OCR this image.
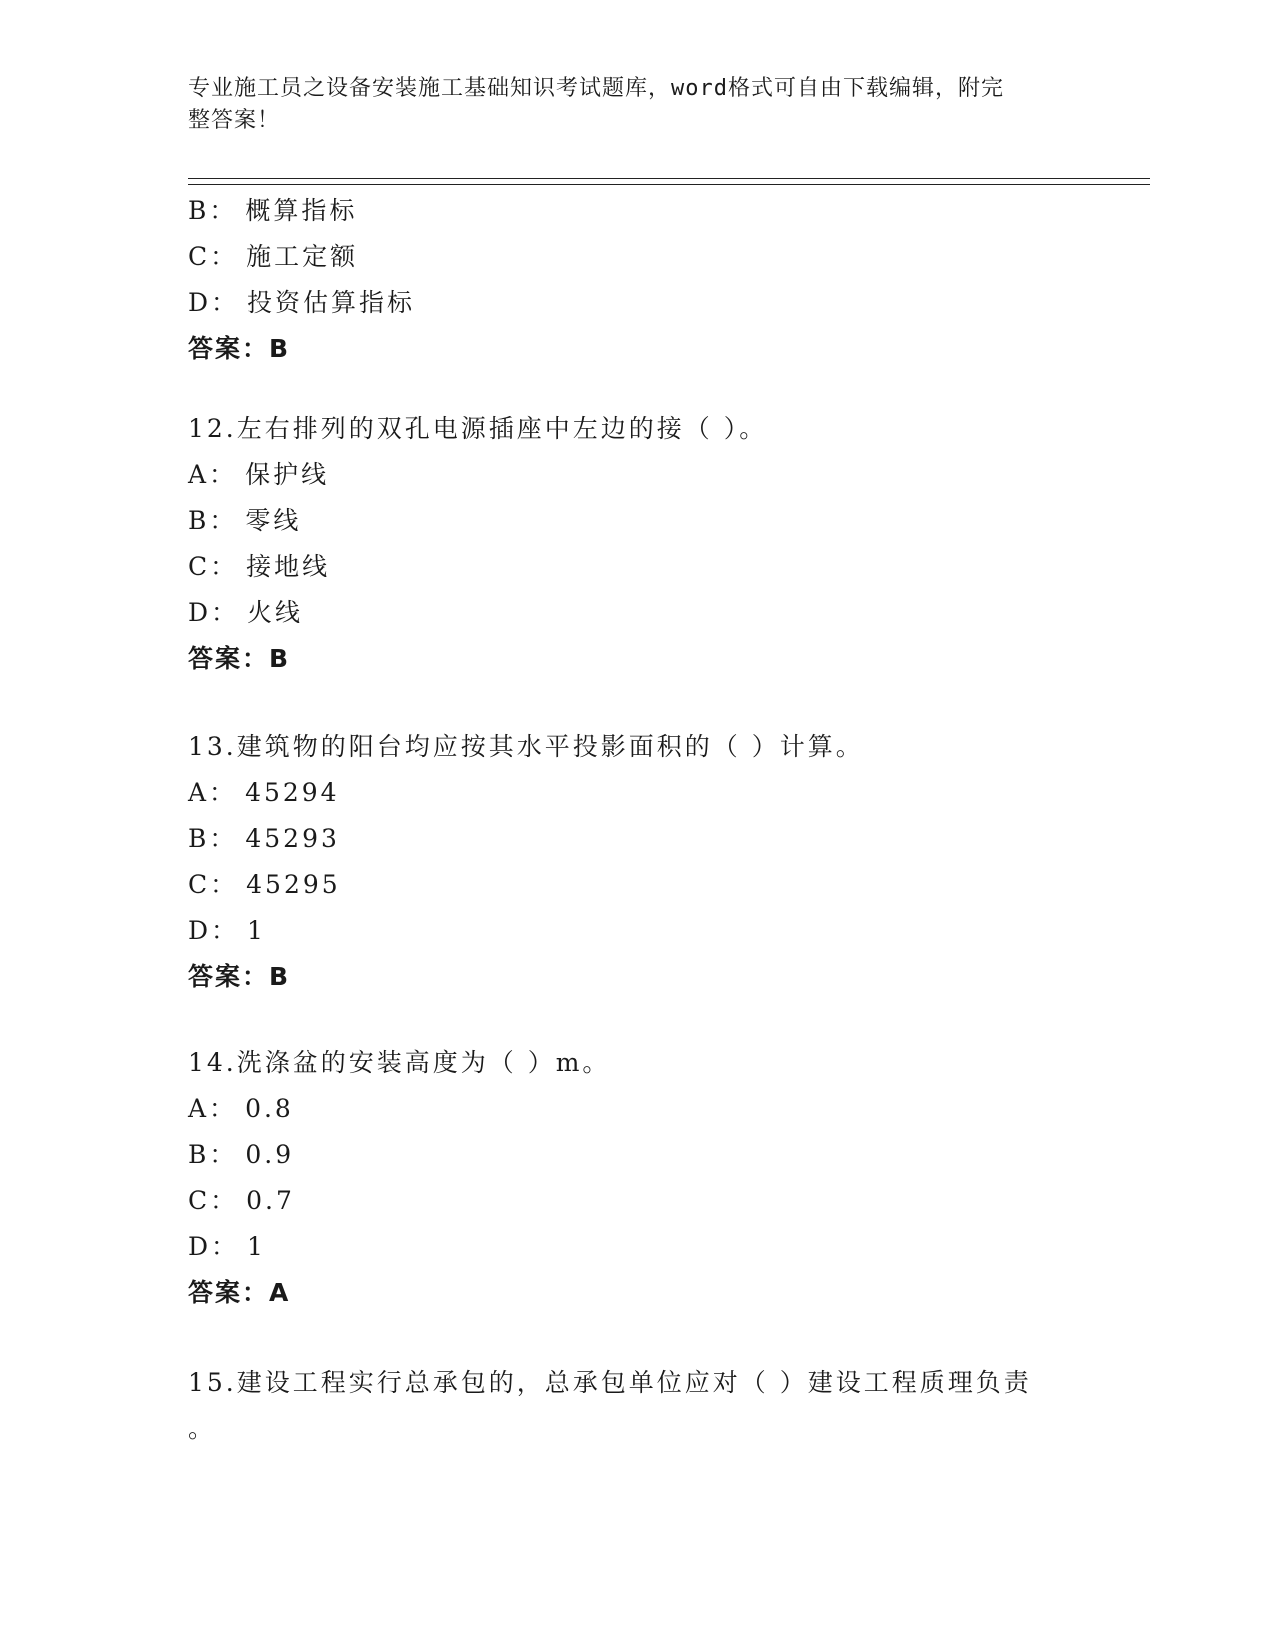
专业施工员之设备安装施工基础知识考试题库，word格式可自由下载编辑，附完
整答案！
B： 概算指标
C： 施工定额
D： 投资估算指标
答案：B
12.左右排列的双孔电源插座中左边的接（ ）。
A： 保护线
B： 零线
C： 接地线
D： 火线
答案：B
13.建筑物的阳台均应按其水平投影面积的（ ）计算。
A： 45294
B： 45293
C： 45295
D： 1
答案：B
14.洗涤盆的安装高度为（ ）m。
A： 0.8
B： 0.9
C： 0.7
D： 1
答案：A
15.建设工程实行总承包的，总承包单位应对（ ）建设工程质理负责
。
